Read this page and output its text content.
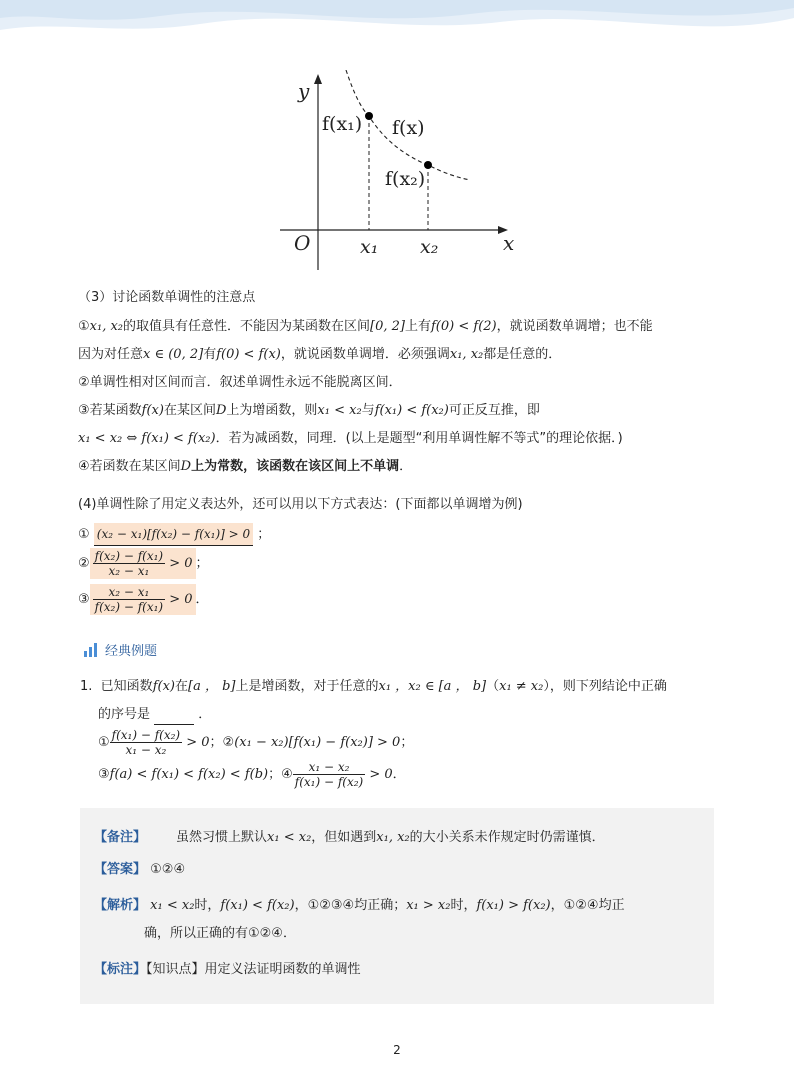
y
x
O
f(x₁) f(x)
f(x₂)
x₁ x₂
（3）讨论函数单调性的注意点
①x₁, x₂的取值具有任意性．不能因为某函数在区间[0, 2]上有f(0) < f(2)，就说函数单调增；也不能
因为对任意x ∈ (0, 2]有f(0) < f(x)，就说函数单调增．必须强调x₁, x₂都是任意的．
②单调性相对区间而言．叙述单调性永远不能脱离区间．
③若某函数f(x)在某区间D上为增函数，则x₁ < x₂与f(x₁) < f(x₂)可正反互推，即
x₁ < x₂ ⇔ f(x₁) < f(x₂)．若为减函数，同理．(以上是题型“利用单调性解不等式”的理论依据．)
④若函数在某区间D上为常数，该函数在该区间上不单调．
(4)单调性除了用定义表达外，还可以用以下方式表达：(下面都以单调增为例)
① (x₂ − x₁)[f(x₂) − f(x₁)] > 0 ；
② $\frac{\text{f(x₂) − f(x₁)}}{\text{x₂ − x₁}} > 0$ ；
③ $\frac{\text{x₂ − x₁}}{\text{f(x₂) − f(x₁)}} > 0$ ．
经典例题
1. 已知函数f(x)在[a ， b]上是增函数，对于任意的x₁ ，x₂ ∈ [a ， b]（x₁ ≠ x₂），则下列结论中正确
的序号是	．
① $\frac{\text{f(x₁) − f(x₂)}}{\text{x₁ − x₂}} > 0$；②(x₁ − x₂)[f(x₁) − f(x₂)] > 0；
③f(a) < f(x₁) < f(x₂) < f(b)；④ $\frac{\text{x₁ − x₂}}{\text{f(x₁) − f(x₂)}} > 0$．
【备注】 虽然习惯上默认x₁ < x₂，但如遇到x₁, x₂的大小关系未作规定时仍需谨慎．
【答案】 ①②④
【解析】 x₁ < x₂时，f(x₁) < f(x₂)，①②③④均正确；x₁ > x₂时，f(x₁) > f(x₂)，①②④均正
确，所以正确的有①②④．
【标注】【知识点】用定义法证明函数的单调性
2
